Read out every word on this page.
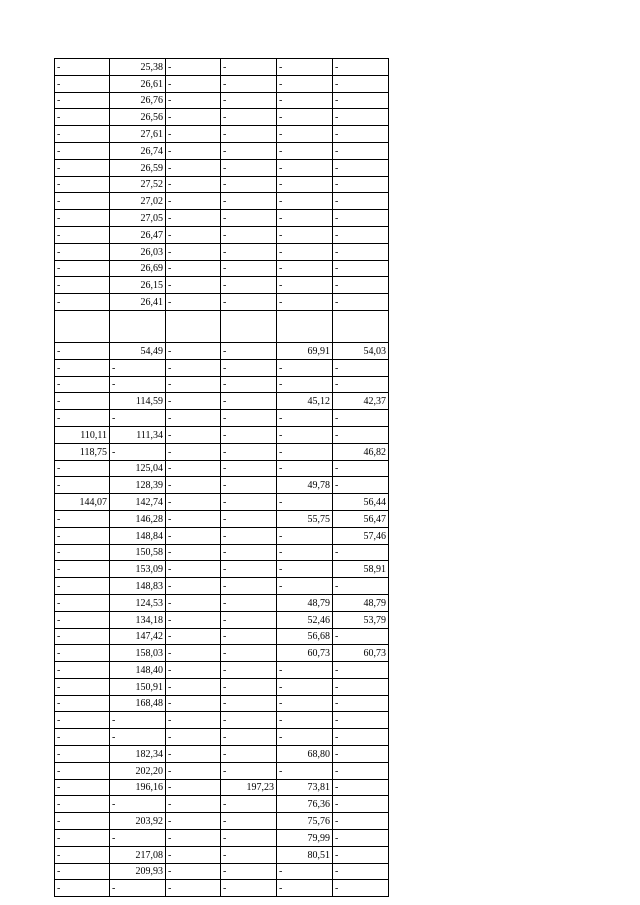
-	25,38	-	-	-	-
-	26,61	-	-	-	-
-	26,76	-	-	-	-
-	26,56	-	-	-	-
-	27,61	-	-	-	-
-	26,74	-	-	-	-
-	26,59	-	-	-	-
-	27,52	-	-	-	-
-	27,02	-	-	-	-
-	27,05	-	-	-	-
-	26,47	-	-	-	-
-	26,03	-	-	-	-
-	26,69	-	-	-	-
-	26,15	-	-	-	-
-	26,41	-	-	-	-

-	54,49	-	-	69,91	54,03
-	-	-	-	-	-
-	-	-	-	-	-
-	114,59	-	-	45,12	42,37
-	-	-	-	-	-
110,11	111,34	-	-	-	-
118,75	-	-	-	-	46,82
-	125,04	-	-	-	-
-	128,39	-	-	49,78	-
144,07	142,74	-	-	-	56,44
-	146,28	-	-	55,75	56,47
-	148,84	-	-	-	57,46
-	150,58	-	-	-	-
-	153,09	-	-	-	58,91
-	148,83	-	-	-	-
-	124,53	-	-	48,79	48,79
-	134,18	-	-	52,46	53,79
-	147,42	-	-	56,68	-
-	158,03	-	-	60,73	60,73
-	148,40	-	-	-	-
-	150,91	-	-	-	-
-	168,48	-	-	-	-
-	-	-	-	-	-
-	-	-	-	-	-
-	182,34	-	-	68,80	-
-	202,20	-	-	-	-
-	196,16	-	197,23	73,81	-
-	-	-	-	76,36	-
-	203,92	-	-	75,76	-
-	-	-	-	79,99	-
-	217,08	-	-	80,51	-
-	209,93	-	-	-	-
-	-	-	-	-	-
